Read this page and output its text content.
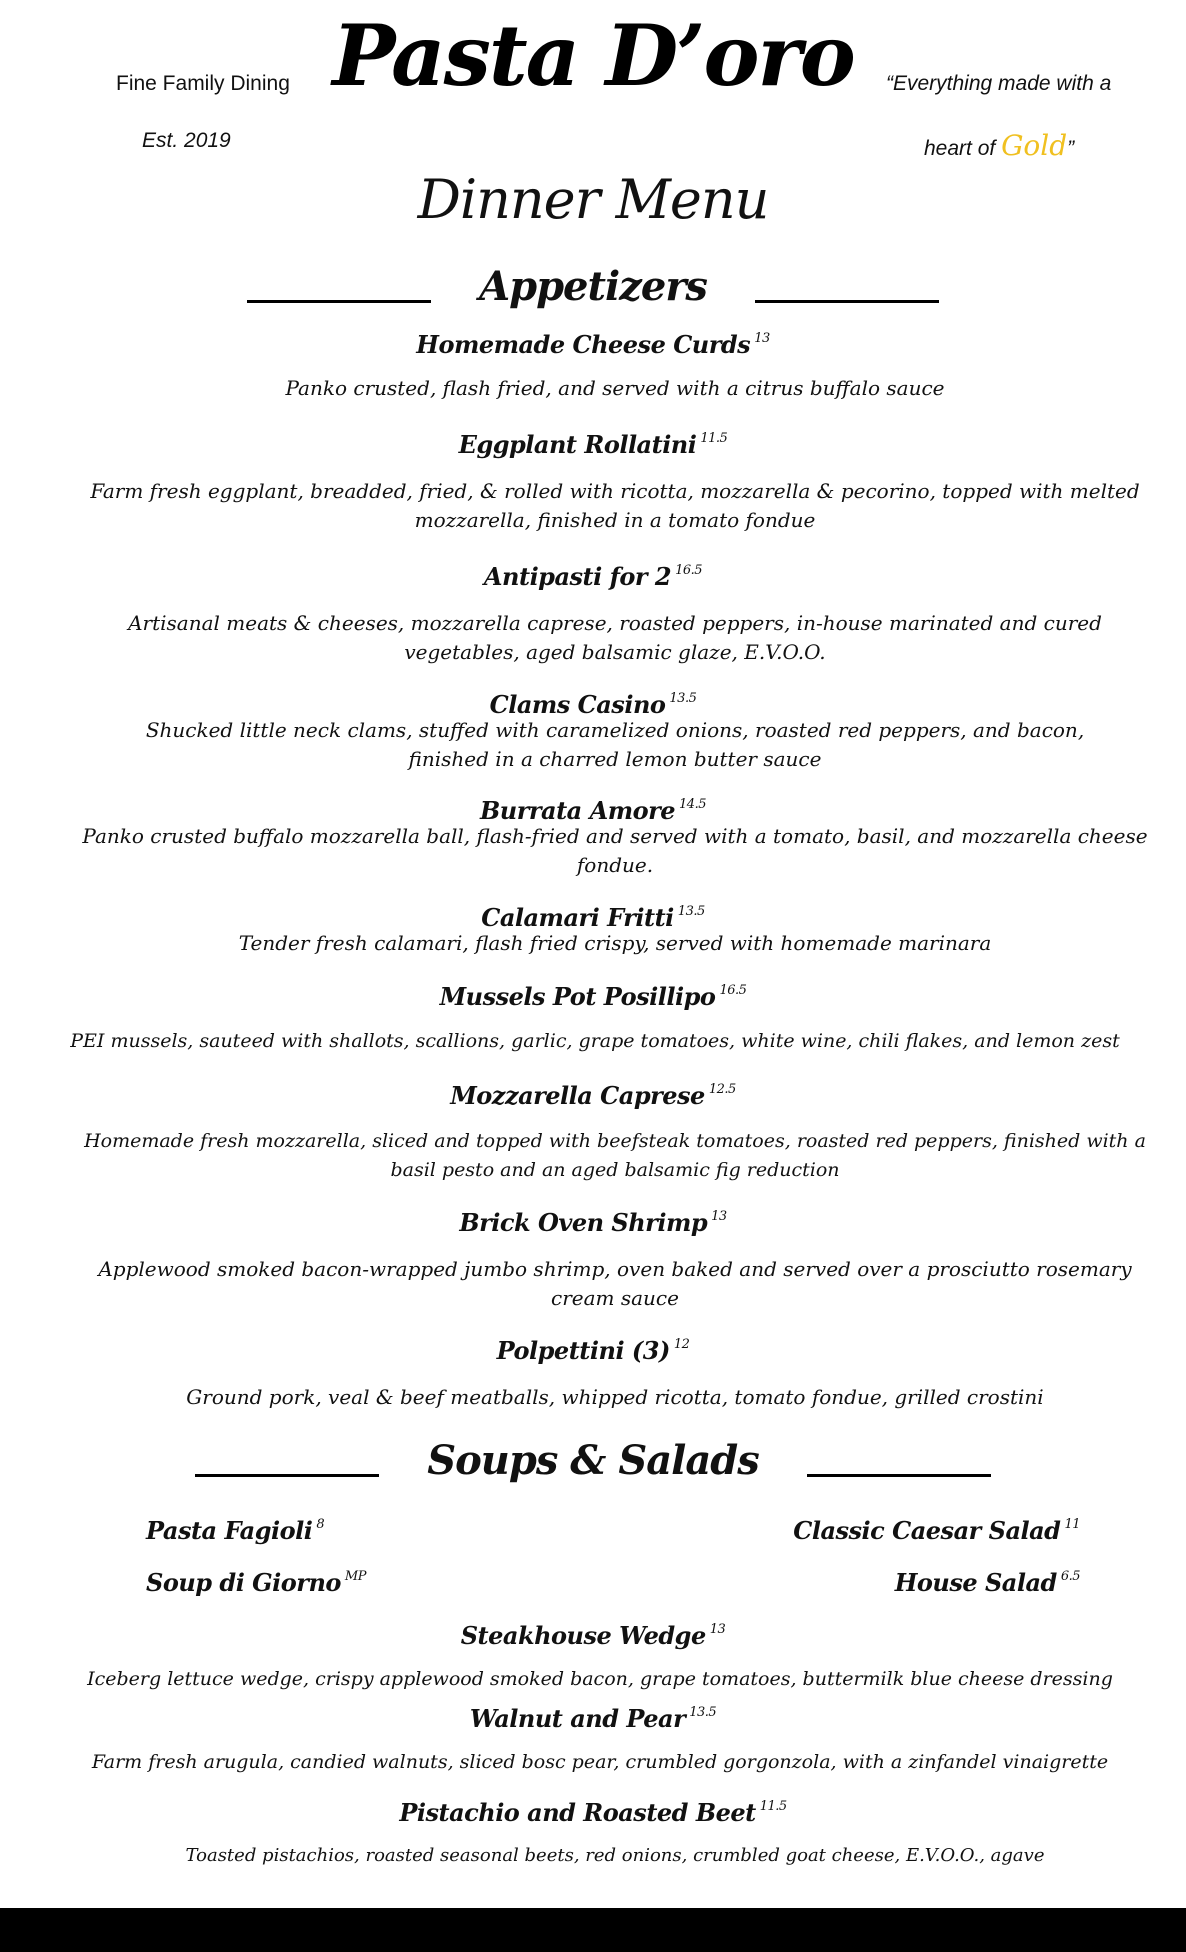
Pasta D’oro
Fine Family Dining
Est. 2019
“Everything made with a
heart of Gold”
Dinner Menu
Appetizers
Homemade Cheese Curds $^{13}$
Panko crusted, flash fried, and served with a citrus buffalo sauce
Eggplant Rollatini $^{11.5}$
Farm fresh eggplant, breadded, fried, & rolled with ricotta, mozzarella & pecorino, topped with melted mozzarella, finished in a tomato fondue
Antipasti for 2 $^{16.5}$
Artisanal meats & cheeses, mozzarella caprese, roasted peppers, in-house marinated and cured vegetables, aged balsamic glaze, E.V.O.O.
Clams Casino $^{13.5}$
Shucked little neck clams, stuffed with caramelized onions, roasted red peppers, and bacon, finished in a charred lemon butter sauce
Burrata Amore $^{14.5}$
Panko crusted buffalo mozzarella ball, flash-fried and served with a tomato, basil, and mozzarella cheese fondue.
Calamari Fritti $^{13.5}$
Tender fresh calamari, flash fried crispy, served with homemade marinara
Mussels Pot Posillipo $^{16.5}$
PEI mussels, sauteed with shallots, scallions, garlic, grape tomatoes, white wine, chili flakes, and lemon zest
Mozzarella Caprese $^{12.5}$
Homemade fresh mozzarella, sliced and topped with beefsteak tomatoes, roasted red peppers, finished with a basil pesto and an aged balsamic fig reduction
Brick Oven Shrimp $^{13}$
Applewood smoked bacon-wrapped jumbo shrimp, oven baked and served over a prosciutto rosemary cream sauce
Polpettini (3) $^{12}$
Ground pork, veal & beef meatballs, whipped ricotta, tomato fondue, grilled crostini
Soups & Salads
Pasta Fagioli $^8$
Soup di Giorno $^{MP}$
Classic Caesar Salad $^{11}$
House Salad $^{6.5}$
Steakhouse Wedge $^{13}$
Iceberg lettuce wedge, crispy applewood smoked bacon, grape tomatoes, buttermilk blue cheese dressing
Walnut and Pear $^{13.5}$
Farm fresh arugula, candied walnuts, sliced bosc pear, crumbled gorgonzola, with a zinfandel vinaigrette
Pistachio and Roasted Beet $^{11.5}$
Toasted pistachios, roasted seasonal beets, red onions, crumbled goat cheese, E.V.O.O., agave
